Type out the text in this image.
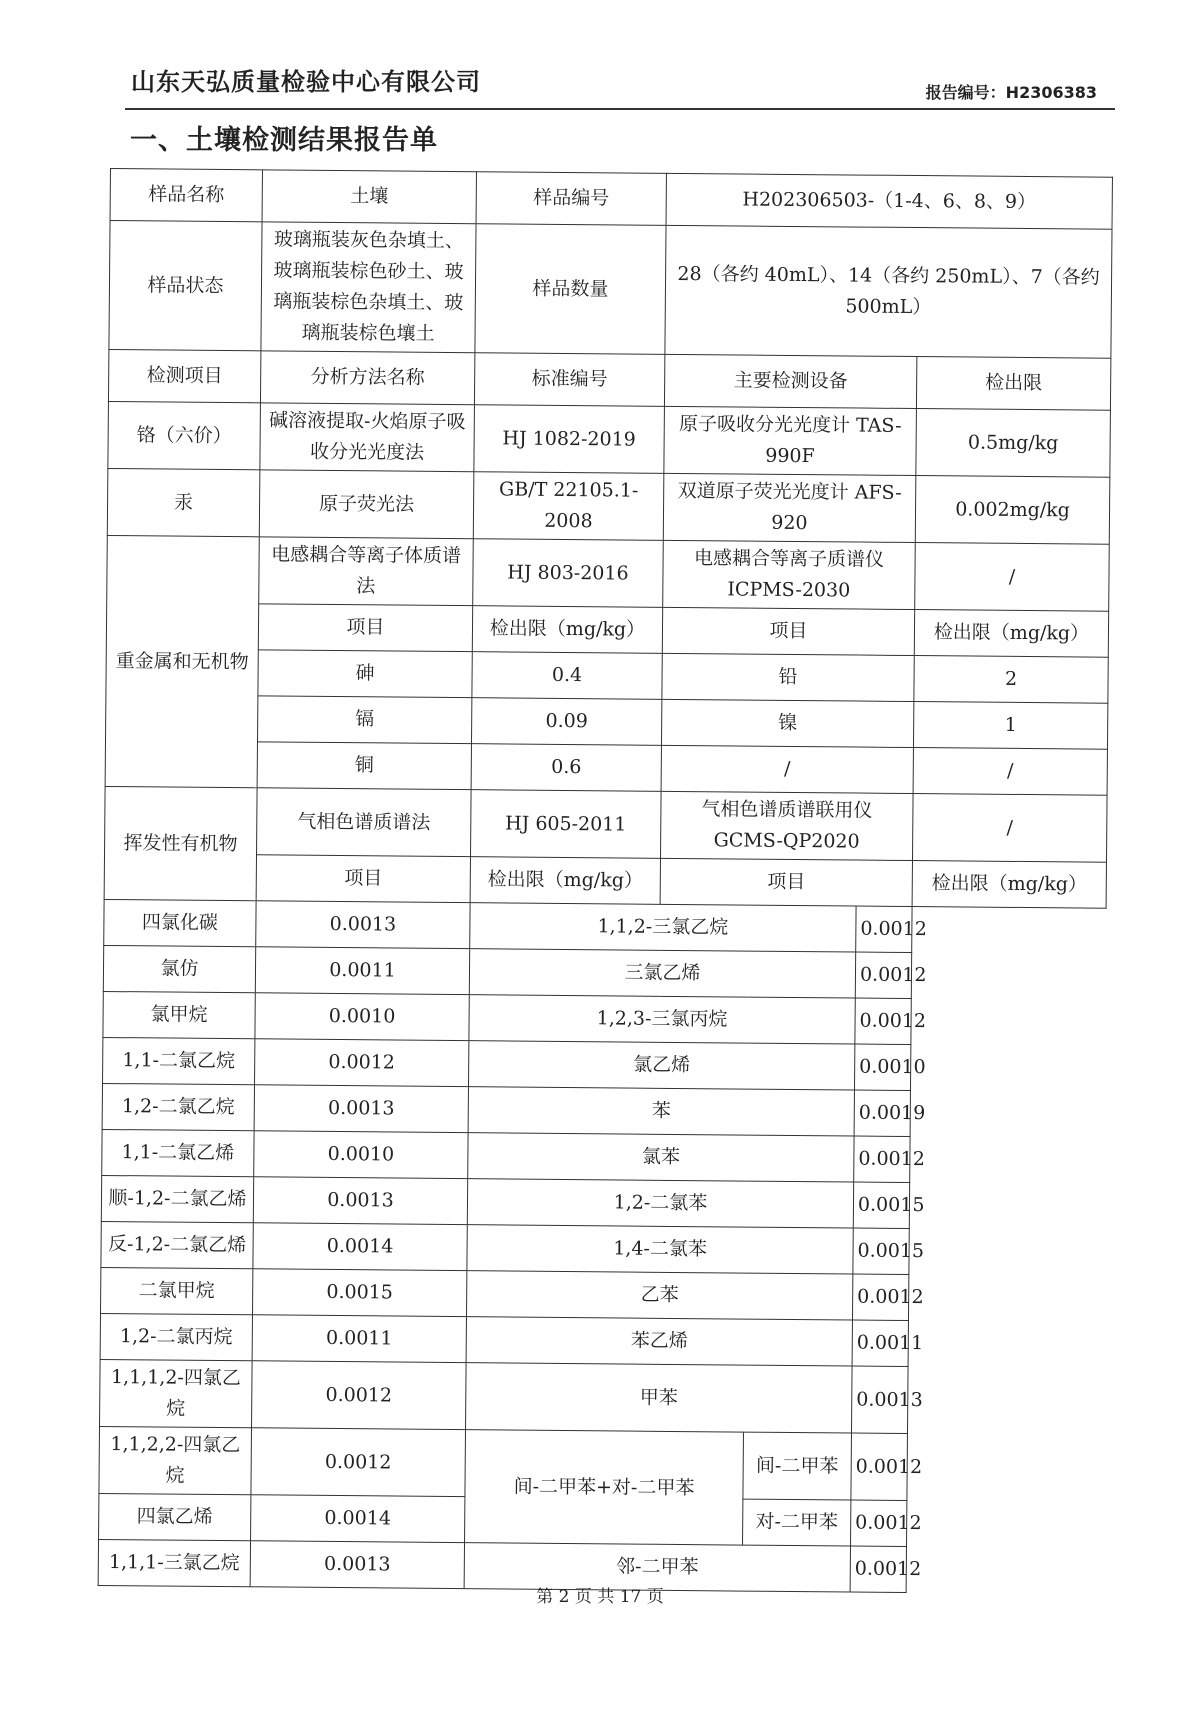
山东天弘质量检验中心有限公司	报告编号：H2306383
一、土壤检测结果报告单
样品名称	土壤	样品编号	H202306503-（1-4、6、8、9）			
样品状态	玻璃瓶装灰色杂填土、玻璃瓶装棕色砂土、玻璃瓶装棕色杂填土、玻璃瓶装棕色壤土	样品数量	28（各约 40mL）、14（各约 250mL）、7（各约 500mL）			
检测项目	分析方法名称	标准编号	主要检测设备			检出限
铬（六价）	碱溶液提取-火焰原子吸收分光光度法	HJ 1082-2019	原子吸收分光光度计 TAS-990F			0.5mg/kg
汞	原子荧光法	GB/T 22105.1-2008	双道原子荧光光度计 AFS-920			0.002mg/kg
重金属和无机物	电感耦合等离子体质谱法	HJ 803-2016	电感耦合等离子质谱仪 ICPMS-2030			/
	项目	检出限（mg/kg）	项目			检出限（mg/kg）
	砷	0.4	铅			2
	镉	0.09	镍			1
	铜	0.6	/			/
挥发性有机物	气相色谱质谱法	HJ 605-2011	气相色谱质谱联用仪 GCMS-QP2020			/
	项目	检出限（mg/kg）	项目			检出限（mg/kg）
四氯化碳	0.0013	1,1,2-三氯乙烷			0.0012	
氯仿	0.0011	三氯乙烯			0.0012	
氯甲烷	0.0010	1,2,3-三氯丙烷			0.0012	
1,1-二氯乙烷	0.0012	氯乙烯			0.0010	
1,2-二氯乙烷	0.0013	苯			0.0019	
1,1-二氯乙烯	0.0010	氯苯			0.0012	
顺-1,2-二氯乙烯	0.0013	1,2-二氯苯			0.0015	
反-1,2-二氯乙烯	0.0014	1,4-二氯苯			0.0015	
二氯甲烷	0.0015	乙苯			0.0012	
1,2-二氯丙烷	0.0011	苯乙烯			0.0011	
1,1,1,2-四氯乙烷	0.0012	甲苯			0.0013	
1,1,2,2-四氯乙烷	0.0012	间-二甲苯+对-二甲苯		间-二甲苯	0.0012	
四氯乙烯	0.0014			对-二甲苯	0.0012	
1,1,1-三氯乙烷	0.0013	邻-二甲苯			0.0012	
第 2 页 共 17 页
